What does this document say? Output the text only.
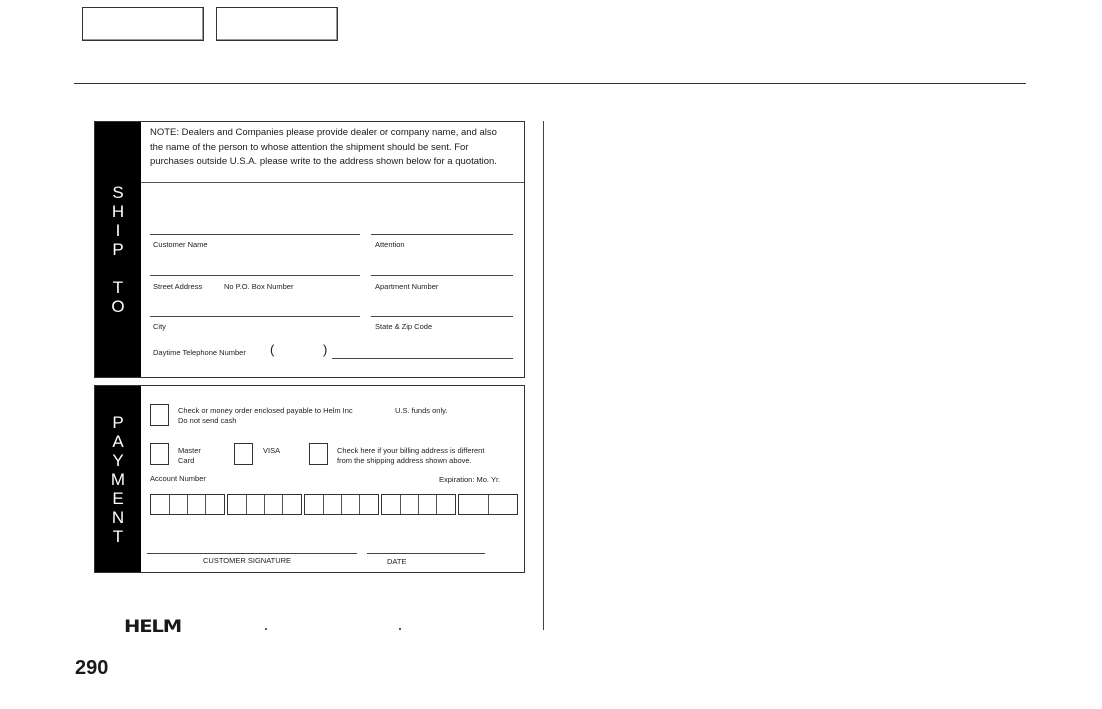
S
H
I
P
T
O
NOTE: Dealers and Companies please provide dealer or company name, and also the name of the person to whose attention the shipment should be sent. For purchases outside U.S.A. please write to the address shown below for a quotation.
Customer Name	Attention
Street Address	No P.O. Box Number	Apartment Number
City	State & Zip Code
Daytime Telephone Number (	)
P
A
Y
M
E
N
T
Check or money order enclosed payable to Helm Inc	U.S. funds only.
Do not send cash
Master
Card
VISA	Check here if your billing address is different
from the shipping address shown above.
Account Number	Expiration: Mo. Yr.
CUSTOMER SIGNATURE	DATE
HELM
290
